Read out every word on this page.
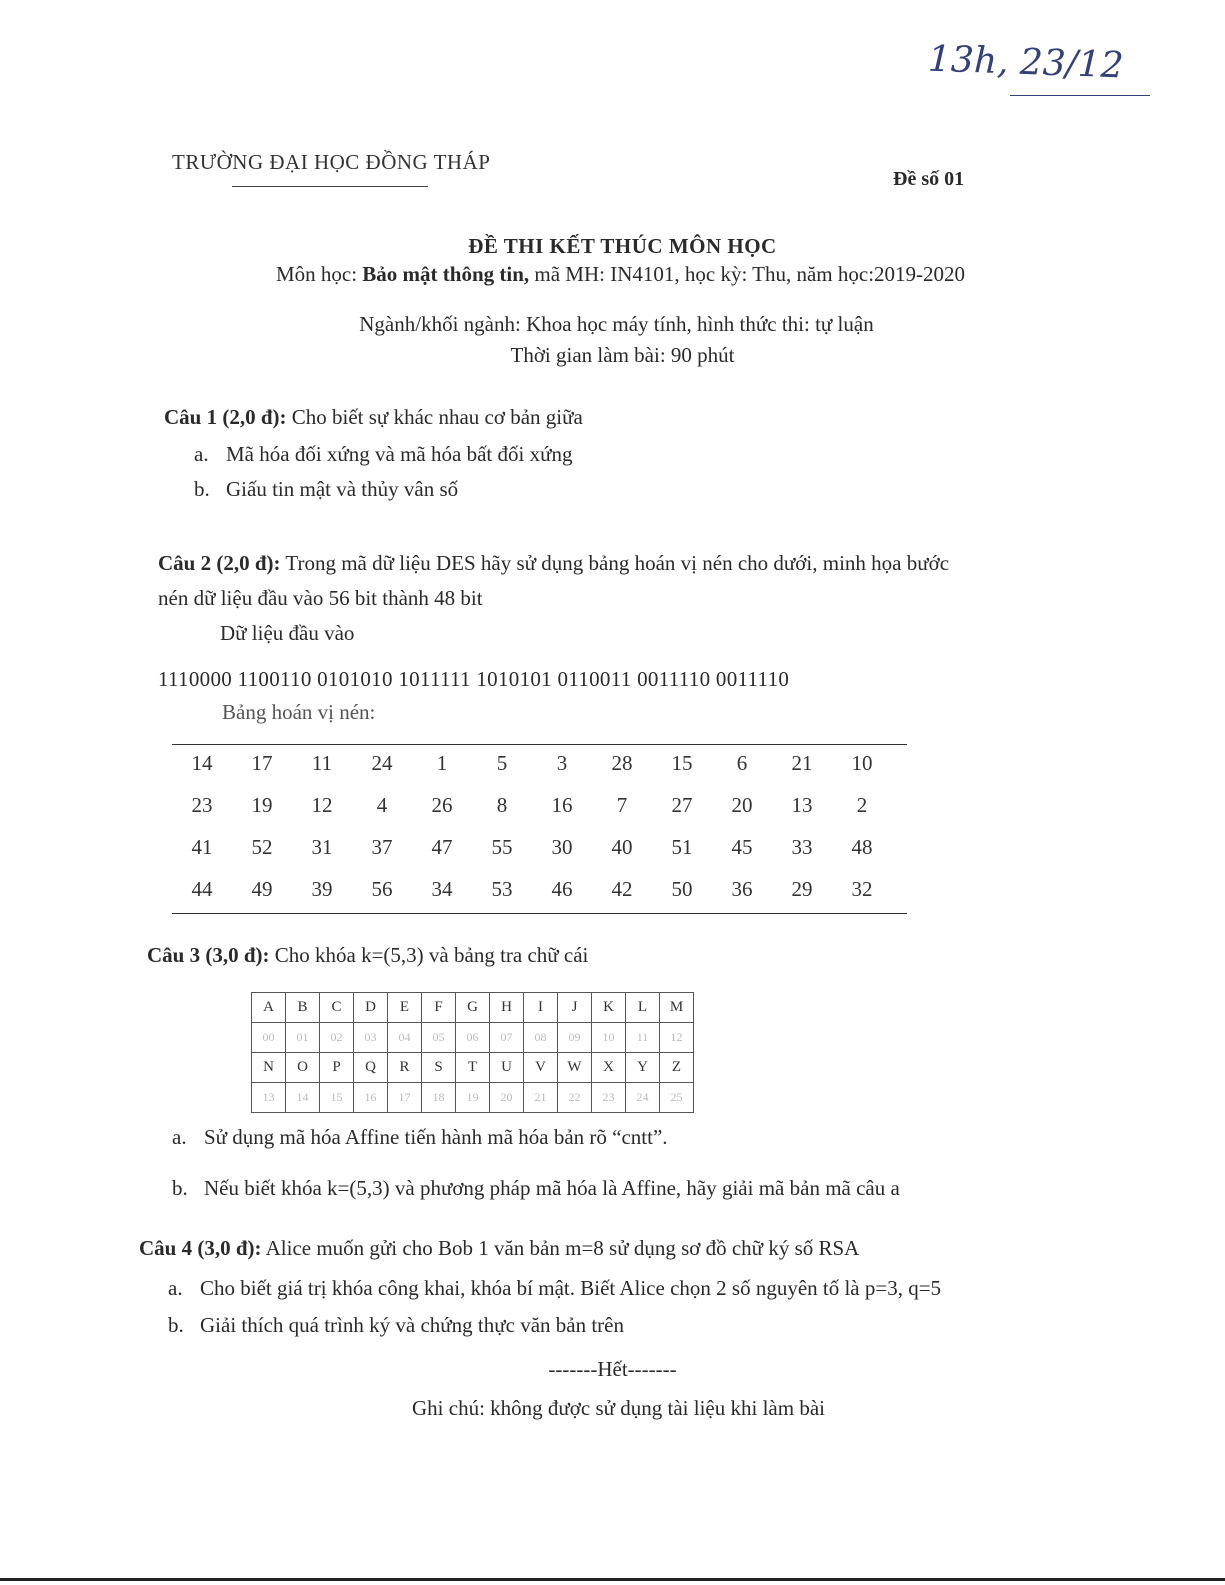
13h, 23/12
TRƯỜNG ĐẠI HỌC ĐỒNG THÁP
Đề số 01
ĐỀ THI KẾT THÚC MÔN HỌC
Môn học: Bảo mật thông tin, mã MH: IN4101, học kỳ: Thu, năm học:2019-2020
Ngành/khối ngành: Khoa học máy tính, hình thức thi: tự luận
Thời gian làm bài: 90 phút
Câu 1 (2,0 đ): Cho biết sự khác nhau cơ bản giữa
a. Mã hóa đối xứng và mã hóa bất đối xứng
b. Giấu tin mật và thủy vân số
Câu 2 (2,0 đ): Trong mã dữ liệu DES hãy sử dụng bảng hoán vị nén cho dưới, minh họa bước
nén dữ liệu đầu vào 56 bit thành 48 bit
Dữ liệu đầu vào
1110000 1100110 0101010 1011111 1010101 0110011 0011110 0011110
Bảng hoán vị nén:
14	17	11	24	1	5	3	28	15	6	21	10
23	19	12	4	26	8	16	7	27	20	13	2
41	52	31	37	47	55	30	40	51	45	33	48
44	49	39	56	34	53	46	42	50	36	29	32
Câu 3 (3,0 đ): Cho khóa k=(5,3) và bảng tra chữ cái
A	B	C	D	E	F	G	H	I	J	K	L	M
00	01	02	03	04	05	06	07	08	09	10	11	12
N	O	P	Q	R	S	T	U	V	W	X	Y	Z
13	14	15	16	17	18	19	20	21	22	23	24	25
a. Sử dụng mã hóa Affine tiến hành mã hóa bản rõ “cntt”.
b. Nếu biết khóa k=(5,3) và phương pháp mã hóa là Affine, hãy giải mã bản mã câu a
Câu 4 (3,0 đ): Alice muốn gửi cho Bob 1 văn bản m=8 sử dụng sơ đồ chữ ký số RSA
a. Cho biết giá trị khóa công khai, khóa bí mật. Biết Alice chọn 2 số nguyên tố là p=3, q=5
b. Giải thích quá trình ký và chứng thực văn bản trên
-------Hết-------
Ghi chú: không được sử dụng tài liệu khi làm bài
